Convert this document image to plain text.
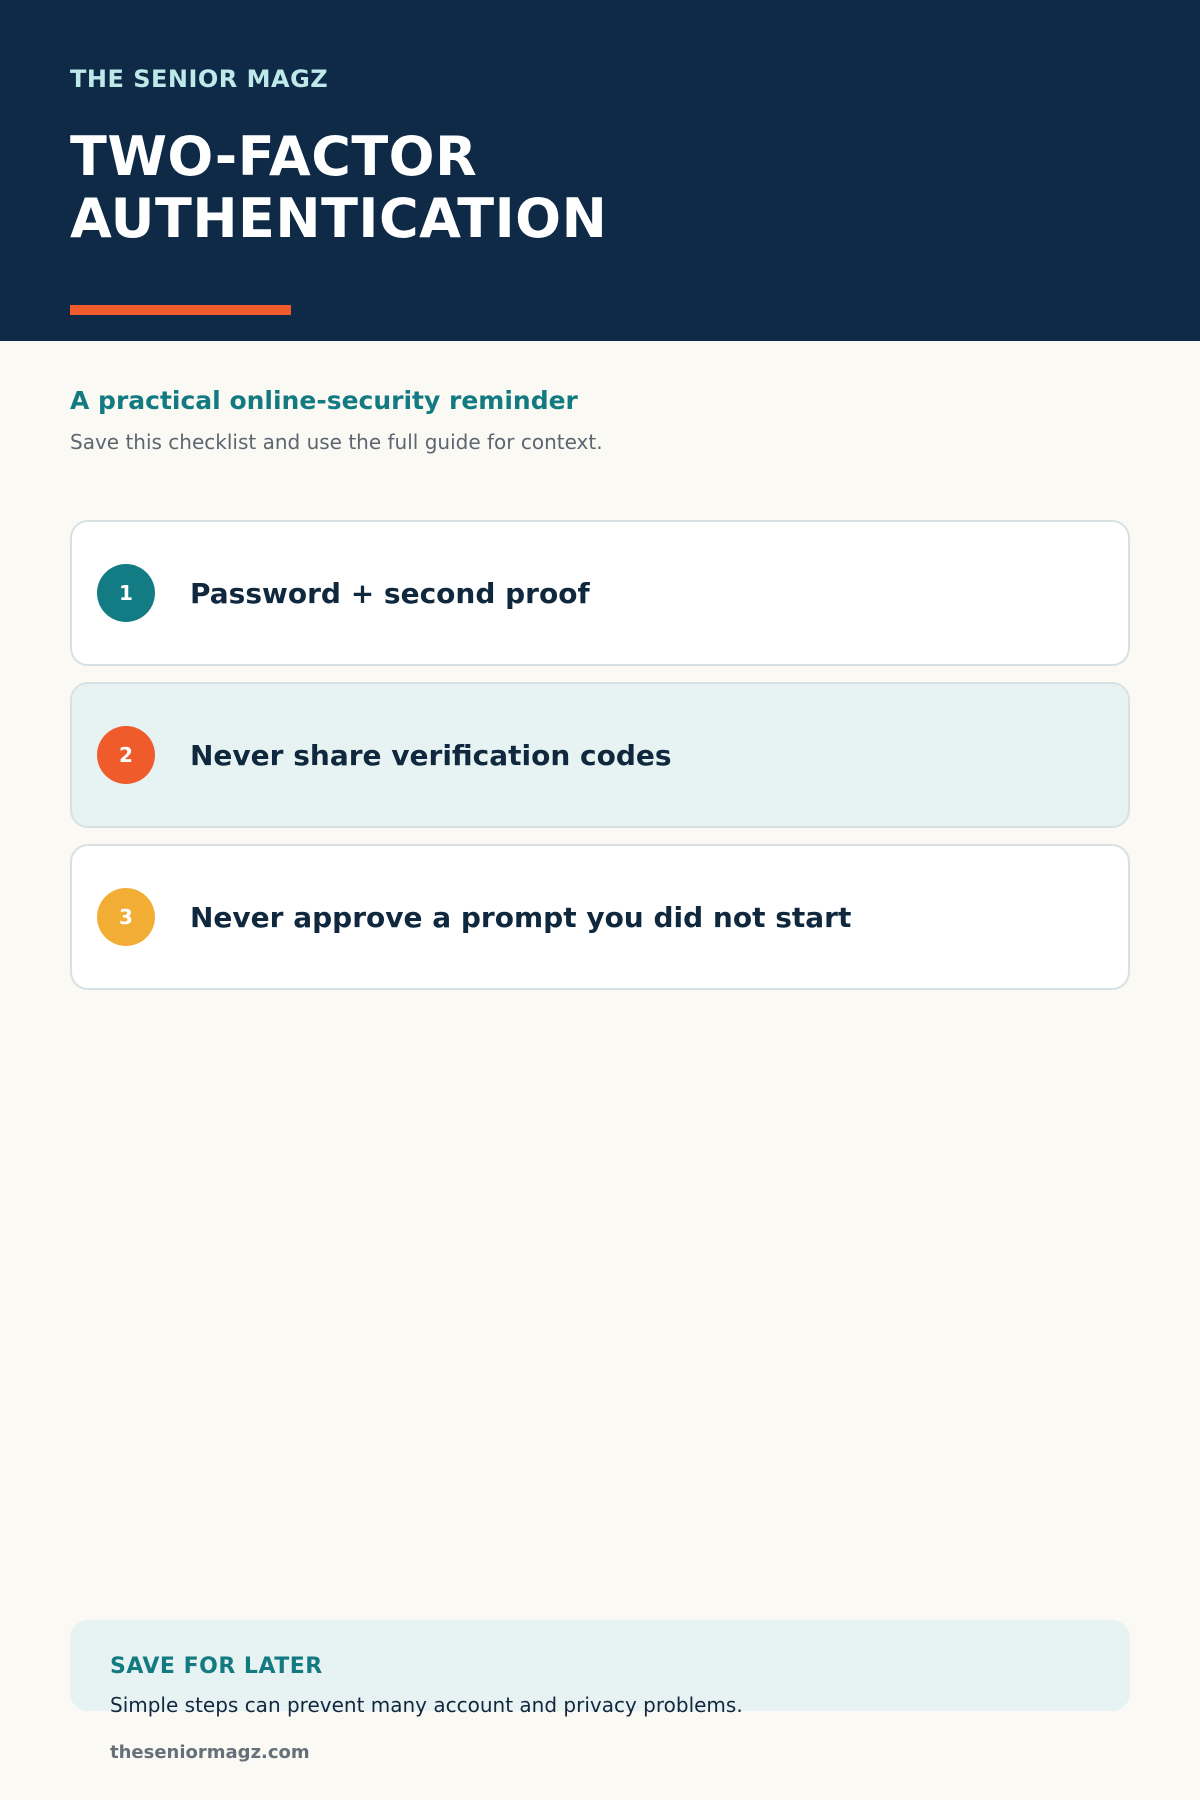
THE SENIOR MAGZ

TWO-FACTOR
AUTHENTICATION
A practical online-security reminder

Save this checklist and use the full guide for context.

1	Password + second proof
2	Never share verification codes
3	Never approve a prompt you did not start
SAVE FOR LATER

Simple steps can prevent many account and privacy problems.

theseniormagz.com
